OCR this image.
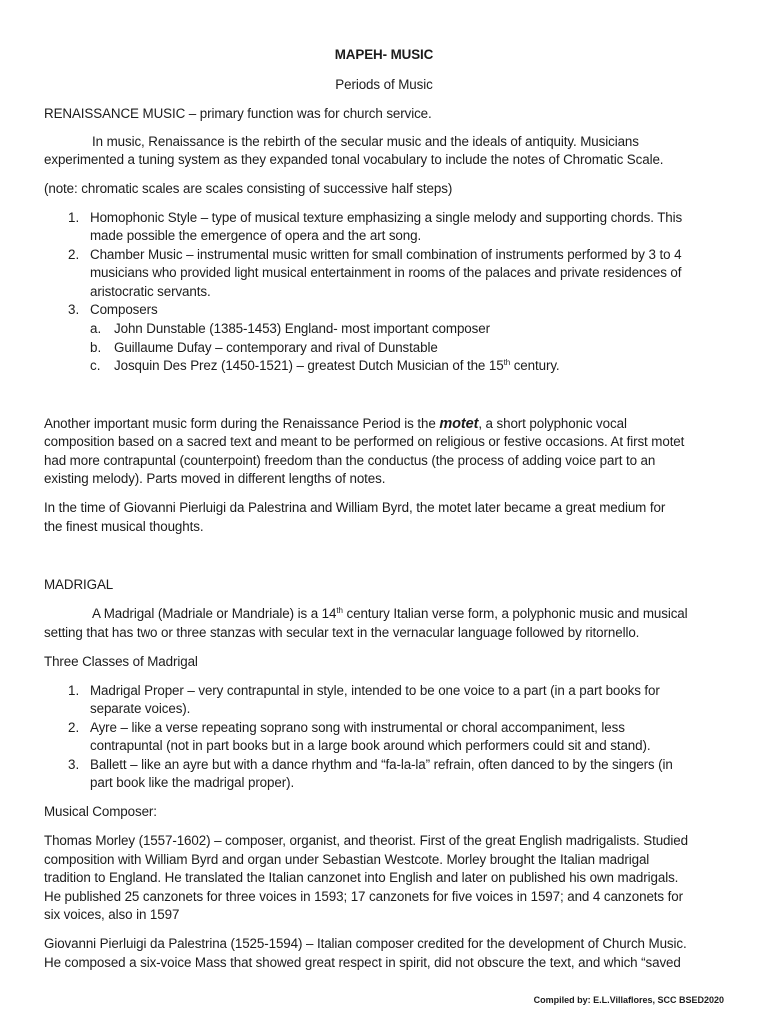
MAPEH- MUSIC
Periods of Music
RENAISSANCE MUSIC – primary function was for church service.
In music, Renaissance is the rebirth of the secular music and the ideals of antiquity. Musicians
experimented a tuning system as they expanded tonal vocabulary to include the notes of Chromatic Scale.
(note: chromatic scales are scales consisting of successive half steps)
1. Homophonic Style – type of musical texture emphasizing a single melody and supporting chords. This
made possible the emergence of opera and the art song.
2. Chamber Music – instrumental music written for small combination of instruments performed by 3 to 4
musicians who provided light musical entertainment in rooms of the palaces and private residences of
aristocratic servants.
3. Composers
a. John Dunstable (1385-1453) England- most important composer
b. Guillaume Dufay – contemporary and rival of Dunstable
c. Josquin Des Prez (1450-1521) – greatest Dutch Musician of the 15th century.
Another important music form during the Renaissance Period is the motet, a short polyphonic vocal
composition based on a sacred text and meant to be performed on religious or festive occasions. At first motet
had more contrapuntal (counterpoint) freedom than the conductus (the process of adding voice part to an
existing melody). Parts moved in different lengths of notes.
In the time of Giovanni Pierluigi da Palestrina and William Byrd, the motet later became a great medium for
the finest musical thoughts.
MADRIGAL
A Madrigal (Madriale or Mandriale) is a 14th century Italian verse form, a polyphonic music and musical
setting that has two or three stanzas with secular text in the vernacular language followed by ritornello.
Three Classes of Madrigal
1. Madrigal Proper – very contrapuntal in style, intended to be one voice to a part (in a part books for
separate voices).
2. Ayre – like a verse repeating soprano song with instrumental or choral accompaniment, less
contrapuntal (not in part books but in a large book around which performers could sit and stand).
3. Ballett – like an ayre but with a dance rhythm and “fa-la-la” refrain, often danced to by the singers (in
part book like the madrigal proper).
Musical Composer:
Thomas Morley (1557-1602) – composer, organist, and theorist. First of the great English madrigalists. Studied
composition with William Byrd and organ under Sebastian Westcote. Morley brought the Italian madrigal
tradition to England. He translated the Italian canzonet into English and later on published his own madrigals.
He published 25 canzonets for three voices in 1593; 17 canzonets for five voices in 1597; and 4 canzonets for
six voices, also in 1597
Giovanni Pierluigi da Palestrina (1525-1594) – Italian composer credited for the development of Church Music.
He composed a six-voice Mass that showed great respect in spirit, did not obscure the text, and which “saved
Compiled by: E.L.Villaflores, SCC BSED2020
